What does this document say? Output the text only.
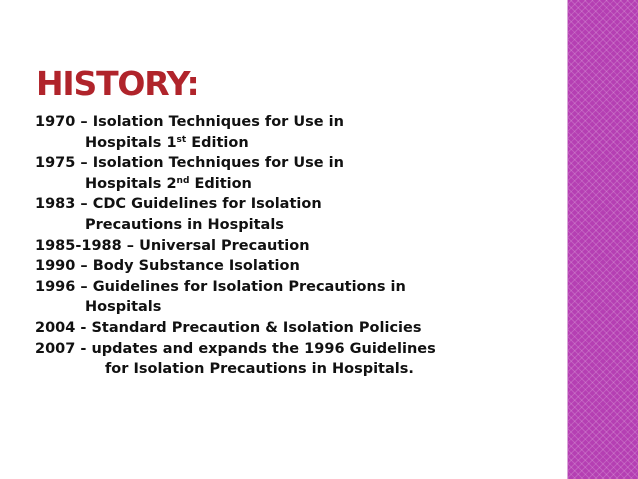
HISTORY:
1970 – Isolation Techniques for Use in
Hospitals 1st Edition
1975 – Isolation Techniques for Use in
Hospitals 2nd Edition
1983 – CDC Guidelines for Isolation
Precautions in Hospitals
1985-1988 – Universal Precaution
1990 – Body Substance Isolation
1996 – Guidelines for Isolation Precautions in
Hospitals
2004 - Standard Precaution & Isolation Policies
2007 - updates and expands the 1996 Guidelines
for Isolation Precautions in Hospitals.
